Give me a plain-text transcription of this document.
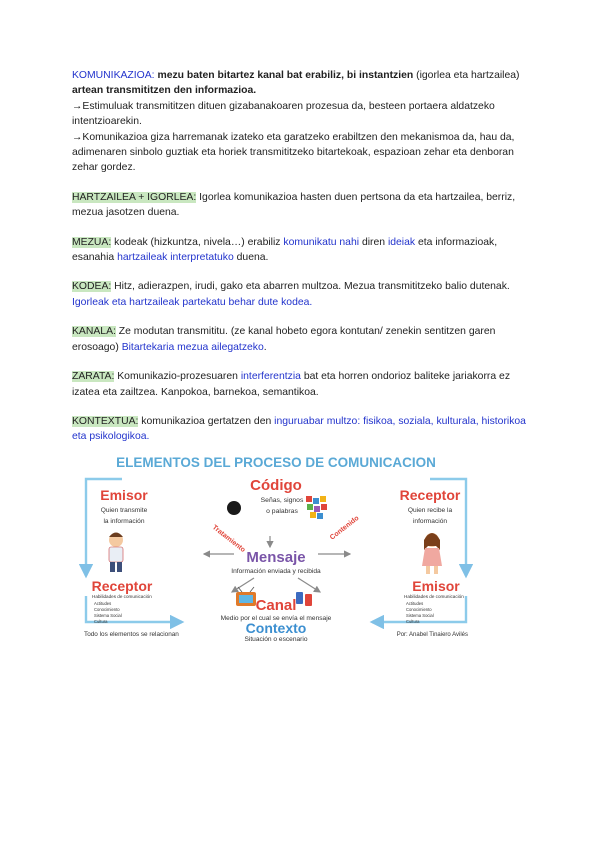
KOMUNIKAZIOA: mezu baten bitartez kanal bat erabiliz, bi instantzien (igorlea eta hartzailea) artean transmititzen den informazioa.

→Estimuluak transmititzen dituen gizabanakoaren prozesua da, besteen portaera aldatzeko intentzioarekin.

→Komunikazioa giza harremanak izateko eta garatzeko erabiltzen den mekanismoa da, hau da, adimenaren sinbolo guztiak eta horiek transmititzeko bitartekoak, espazioan zehar eta denboran zehar gordez.

HARTZAILEA + IGORLEA: Igorlea komunikazioa hasten duen pertsona da eta hartzailea, berriz, mezua jasotzen duena.

MEZUA: kodeak (hizkuntza, nivela…) erabiliz komunikatu nahi diren ideiak eta informazioak, esanahia hartzaileak interpretatuko duena.

KODEA: Hitz, adierazpen, irudi, gako eta abarren multzoa. Mezua transmititzeko balio dutenak. Igorleak eta hartzaileak partekatu behar dute kodea.

KANALA: Ze modutan transmititu. (ze kanal hobeto egora kontutan/ zenekin sentitzen garen erosoago) Bitartekaria mezua ailegatzeko.

ZARATA: Komunikazio-prozesuaren interferentzia bat eta horren ondorioz baliteke jariakorra ez izatea eta zailtzea. Kanpokoa, barnekoa, semantikoa.

KONTEXTUA: komunikazioa gertatzen den inguruabar multzo: fisikoa, soziala, kulturala, historikoa eta psikologikoa.

ELEMENTOS DEL PROCESO DE COMUNICACION
Código
Señas, signos
o palabras
Emisor
Quien transmite
la información
Receptor
Quien recibe la
información
Tratamiento	Contenido
Mensaje
Información enviada y recibida
Receptor
Habilidades de comunicación
Actitudes
Conocimiento
Sistema Social
Cultura
Emisor
Habilidades de comunicación
Actitudes
Conocimiento
Sistema Social
Cultura
Canal
Medio por el cual se envía el mensaje
Contexto
Todo los elementos se relacionan	Por: Anabel Tinajero Avilés
Situación o escenario
